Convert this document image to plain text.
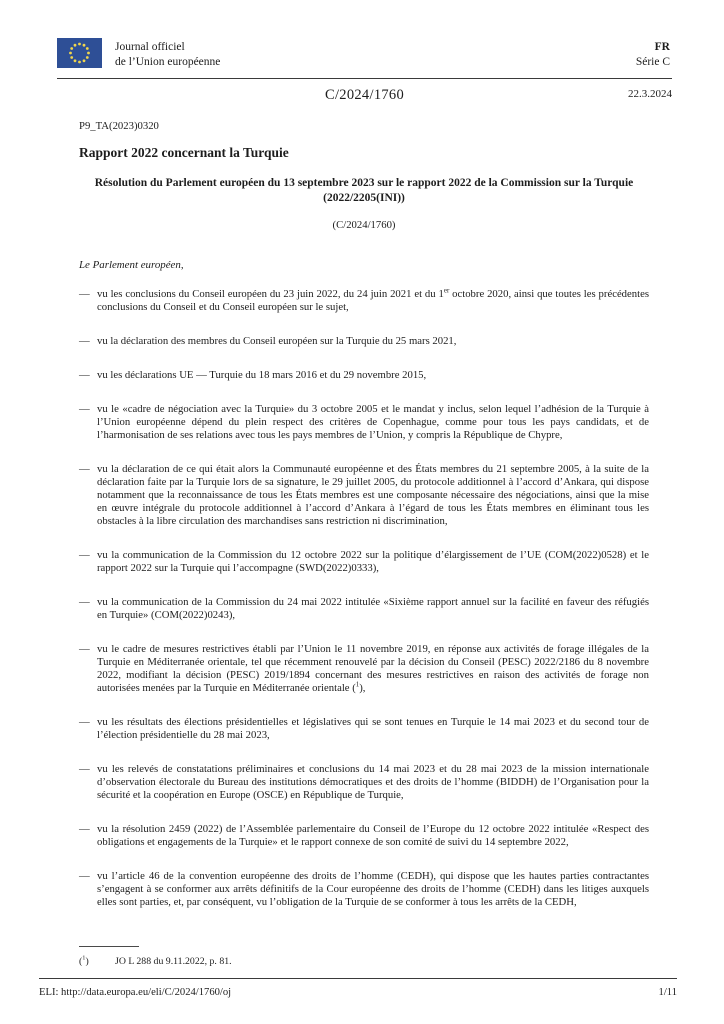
Journal officiel
de l’Union européenne
FR
Série C
C/2024/1760	22.3.2024
P9_TA(2023)0320
Rapport 2022 concernant la Turquie
Résolution du Parlement européen du 13 septembre 2023 sur le rapport 2022 de la Commission sur la Turquie (2022/2205(INI))
(C/2024/1760)
Le Parlement européen,
— vu les conclusions du Conseil européen du 23 juin 2022, du 24 juin 2021 et du 1er octobre 2020, ainsi que toutes les précédentes conclusions du Conseil et du Conseil européen sur le sujet,
— vu la déclaration des membres du Conseil européen sur la Turquie du 25 mars 2021,
— vu les déclarations UE — Turquie du 18 mars 2016 et du 29 novembre 2015,
— vu le «cadre de négociation avec la Turquie» du 3 octobre 2005 et le mandat y inclus, selon lequel l’adhésion de la Turquie à l’Union européenne dépend du plein respect des critères de Copenhague, comme pour tous les pays candidats, et de l’harmonisation de ses relations avec tous les pays membres de l’Union, y compris la République de Chypre,
— vu la déclaration de ce qui était alors la Communauté européenne et des États membres du 21 septembre 2005, à la suite de la déclaration faite par la Turquie lors de sa signature, le 29 juillet 2005, du protocole additionnel à l’accord d’Ankara, qui dispose notamment que la reconnaissance de tous les États membres est une composante nécessaire des négociations, ainsi que la mise en œuvre intégrale du protocole additionnel à l’accord d’Ankara à l’égard de tous les États membres en éliminant tous les obstacles à la libre circulation des marchandises sans restriction ni discrimination,
— vu la communication de la Commission du 12 octobre 2022 sur la politique d’élargissement de l’UE (COM(2022)0528) et le rapport 2022 sur la Turquie qui l’accompagne (SWD(2022)0333),
— vu la communication de la Commission du 24 mai 2022 intitulée «Sixième rapport annuel sur la facilité en faveur des réfugiés en Turquie» (COM(2022)0243),
— vu le cadre de mesures restrictives établi par l’Union le 11 novembre 2019, en réponse aux activités de forage illégales de la Turquie en Méditerranée orientale, tel que récemment renouvelé par la décision du Conseil (PESC) 2022/2186 du 8 novembre 2022, modifiant la décision (PESC) 2019/1894 concernant des mesures restrictives en raison des activités de forage non autorisées menées par la Turquie en Méditerranée orientale ($^1$),
— vu les résultats des élections présidentielles et législatives qui se sont tenues en Turquie le 14 mai 2023 et du second tour de l’élection présidentielle du 28 mai 2023,
— vu les relevés de constatations préliminaires et conclusions du 14 mai 2023 et du 28 mai 2023 de la mission internationale d’observation électorale du Bureau des institutions démocratiques et des droits de l’homme (BIDDH) de l’Organisation pour la sécurité et la coopération en Europe (OSCE) en République de Turquie,
— vu la résolution 2459 (2022) de l’Assemblée parlementaire du Conseil de l’Europe du 12 octobre 2022 intitulée «Respect des obligations et engagements de la Turquie» et le rapport connexe de son comité de suivi du 14 septembre 2022,
— vu l’article 46 de la convention européenne des droits de l’homme (CEDH), qui dispose que les hautes parties contractantes s’engagent à se conformer aux arrêts définitifs de la Cour européenne des droits de l’homme (CEDH) dans les litiges auxquels elles sont parties, et, par conséquent, vu l’obligation de la Turquie de se conformer à tous les arrêts de la CEDH,
($^1$)	JO L 288 du 9.11.2022, p. 81.
ELI: http://data.europa.eu/eli/C/2024/1760/oj	1/11
